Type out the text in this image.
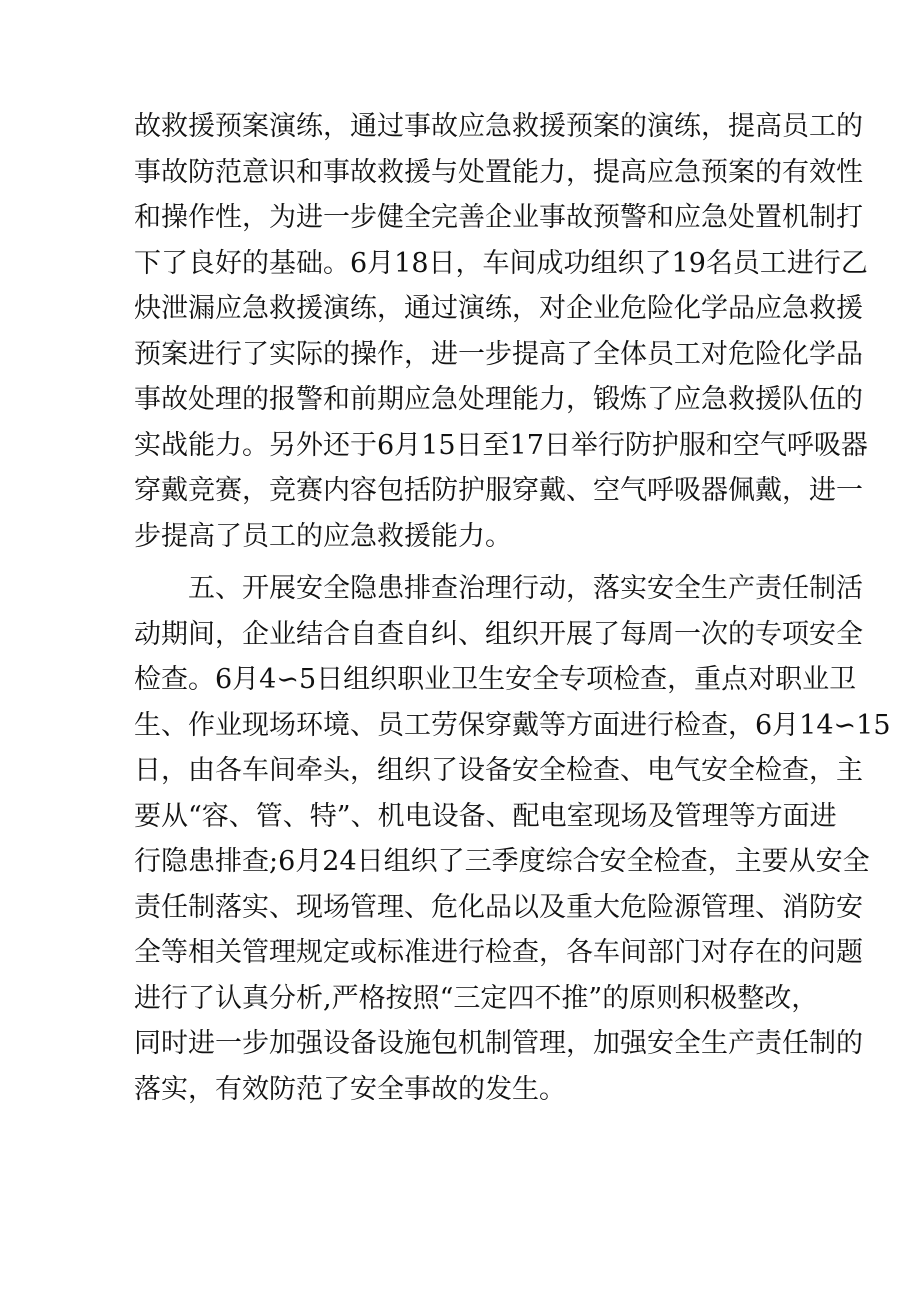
故救援预案演练，通过事故应急救援预案的演练，提高员工的
事故防范意识和事故救援与处置能力，提高应急预案的有效性
和操作性，为进一步健全完善企业事故预警和应急处置机制打
下了良好的基础。6月18日，车间成功组织了19名员工进行乙
炔泄漏应急救援演练，通过演练，对企业危险化学品应急救援
预案进行了实际的操作，进一步提高了全体员工对危险化学品
事故处理的报警和前期应急处理能力，锻炼了应急救援队伍的
实战能力。另外还于6月15日至17日举行防护服和空气呼吸器
穿戴竞赛，竞赛内容包括防护服穿戴、空气呼吸器佩戴，进一
步提高了员工的应急救援能力。
　　五、开展安全隐患排查治理行动，落实安全生产责任制活
动期间，企业结合自查自纠、组织开展了每周一次的专项安全
检查。6月4∽5日组织职业卫生安全专项检查，重点对职业卫
生、作业现场环境、员工劳保穿戴等方面进行检查，6月14∽15
日，由各车间牵头，组织了设备安全检查、电气安全检查，主
要从“容、管、特”、机电设备、配电室现场及管理等方面进
行隐患排查;6月24日组织了三季度综合安全检查，主要从安全
责任制落实、现场管理、危化品以及重大危险源管理、消防安
全等相关管理规定或标准进行检查，各车间部门对存在的问题
进行了认真分析,严格按照“三定四不推”的原则积极整改，
同时进一步加强设备设施包机制管理，加强安全生产责任制的
落实，有效防范了安全事故的发生。
